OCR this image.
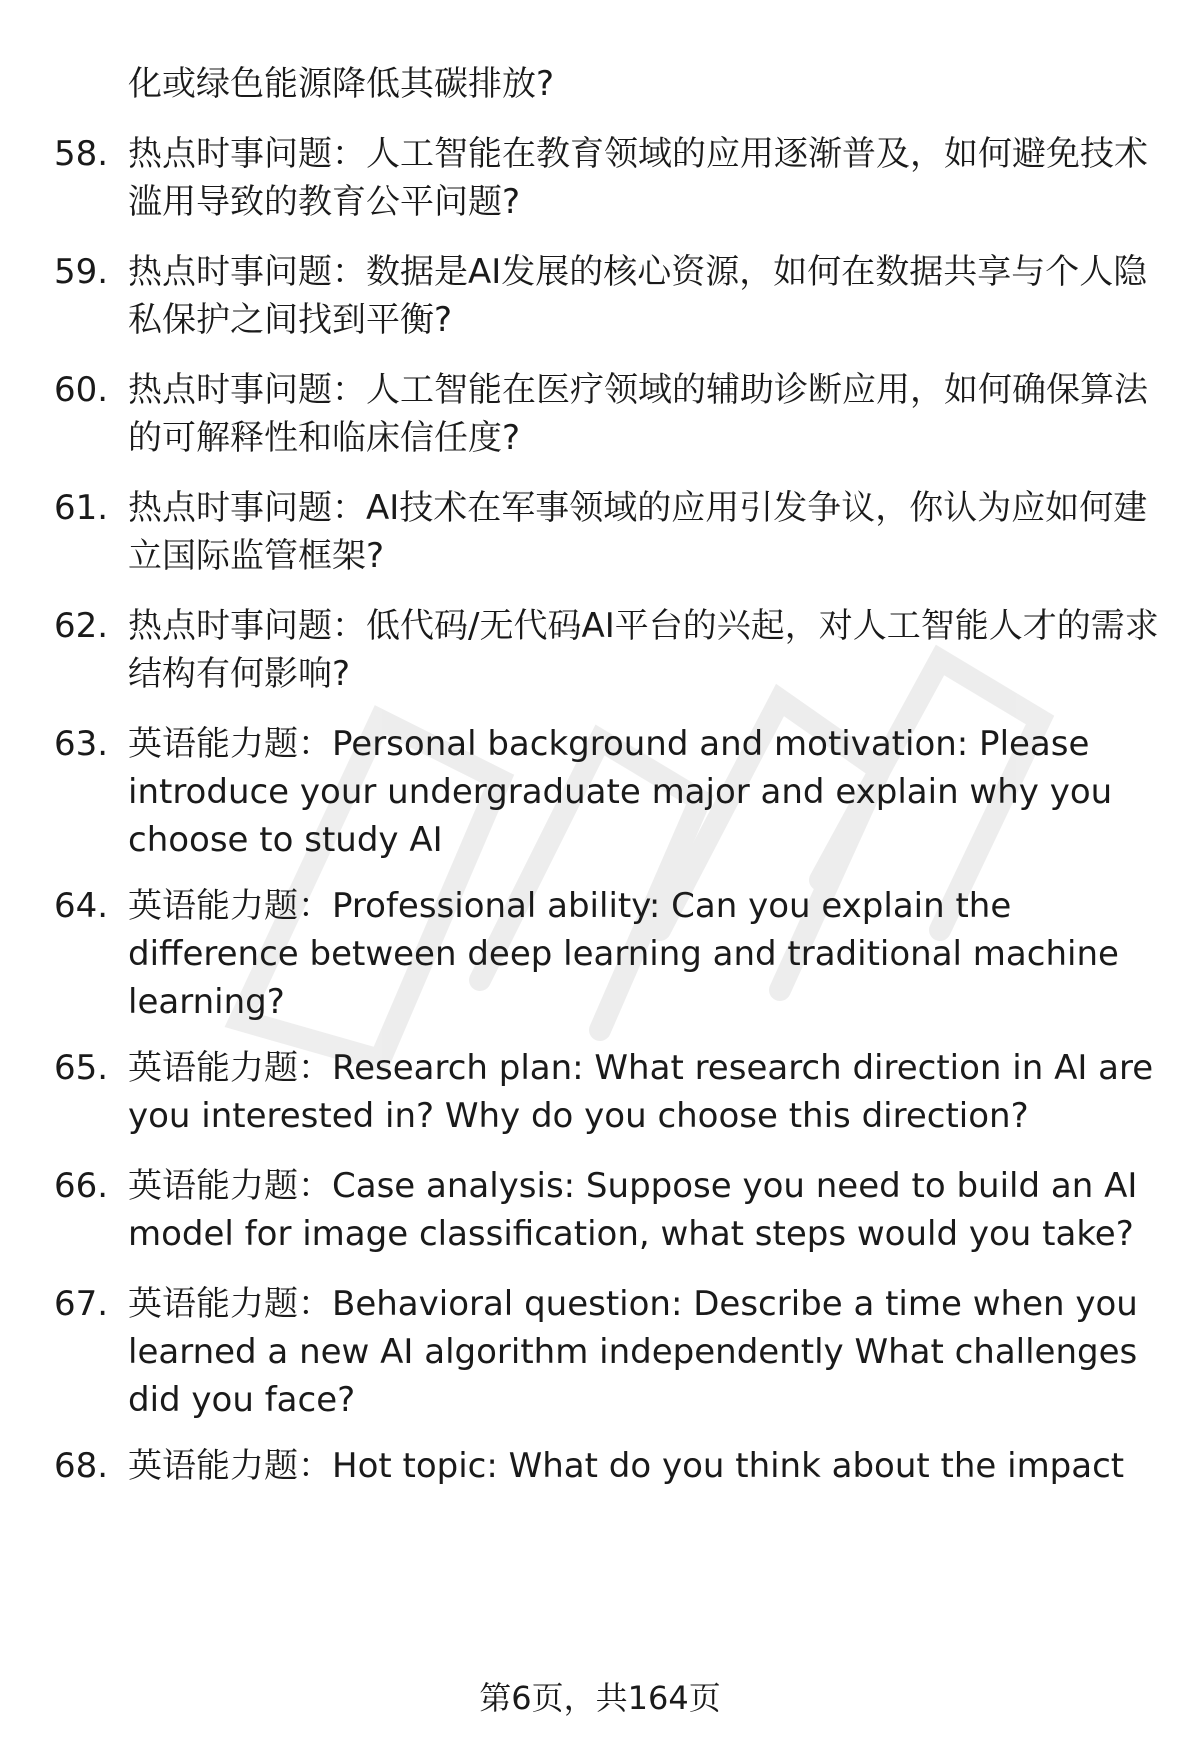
化或绿色能源降低其碳排放?

58. 热点时事问题：人工智能在教育领域的应用逐渐普及，如何避免技术滥用导致的教育公平问题?
59. 热点时事问题：数据是AI发展的核心资源，如何在数据共享与个人隐私保护之间找到平衡?
60. 热点时事问题：人工智能在医疗领域的辅助诊断应用，如何确保算法的可解释性和临床信任度?
61. 热点时事问题：AI技术在军事领域的应用引发争议，你认为应如何建立国际监管框架?
62. 热点时事问题：低代码/无代码AI平台的兴起，对人工智能人才的需求结构有何影响?
63. 英语能力题：Personal background and motivation: Please introduce your undergraduate major and explain why you choose to study AI
64. 英语能力题：Professional ability: Can you explain the difference between deep learning and traditional machine learning?
65. 英语能力题：Research plan: What research direction in AI are you interested in? Why do you choose this direction?
66. 英语能力题：Case analysis: Suppose you need to build an AI model for image classification, what steps would you take?
67. 英语能力题：Behavioral question: Describe a time when you learned a new AI algorithm independently What challenges did you face?
68. 英语能力题：Hot topic: What do you think about the impact
第6页，共164页
